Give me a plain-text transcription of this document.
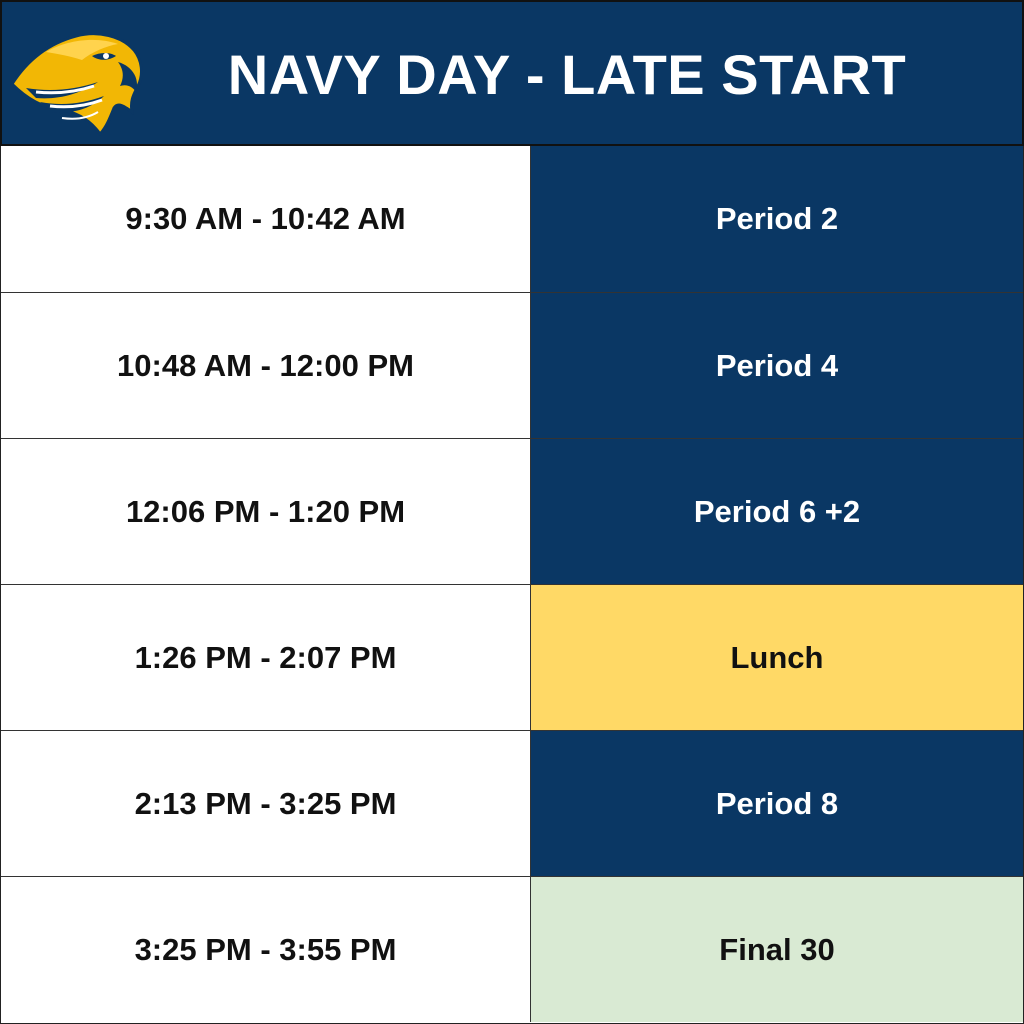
NAVY DAY - LATE START
9:30 AM - 10:42 AM	Period 2
10:48 AM - 12:00 PM	Period 4
12:06 PM - 1:20 PM	Period 6 +2
1:26 PM - 2:07 PM	Lunch
2:13 PM - 3:25 PM	Period 8
3:25 PM - 3:55 PM	Final 30
